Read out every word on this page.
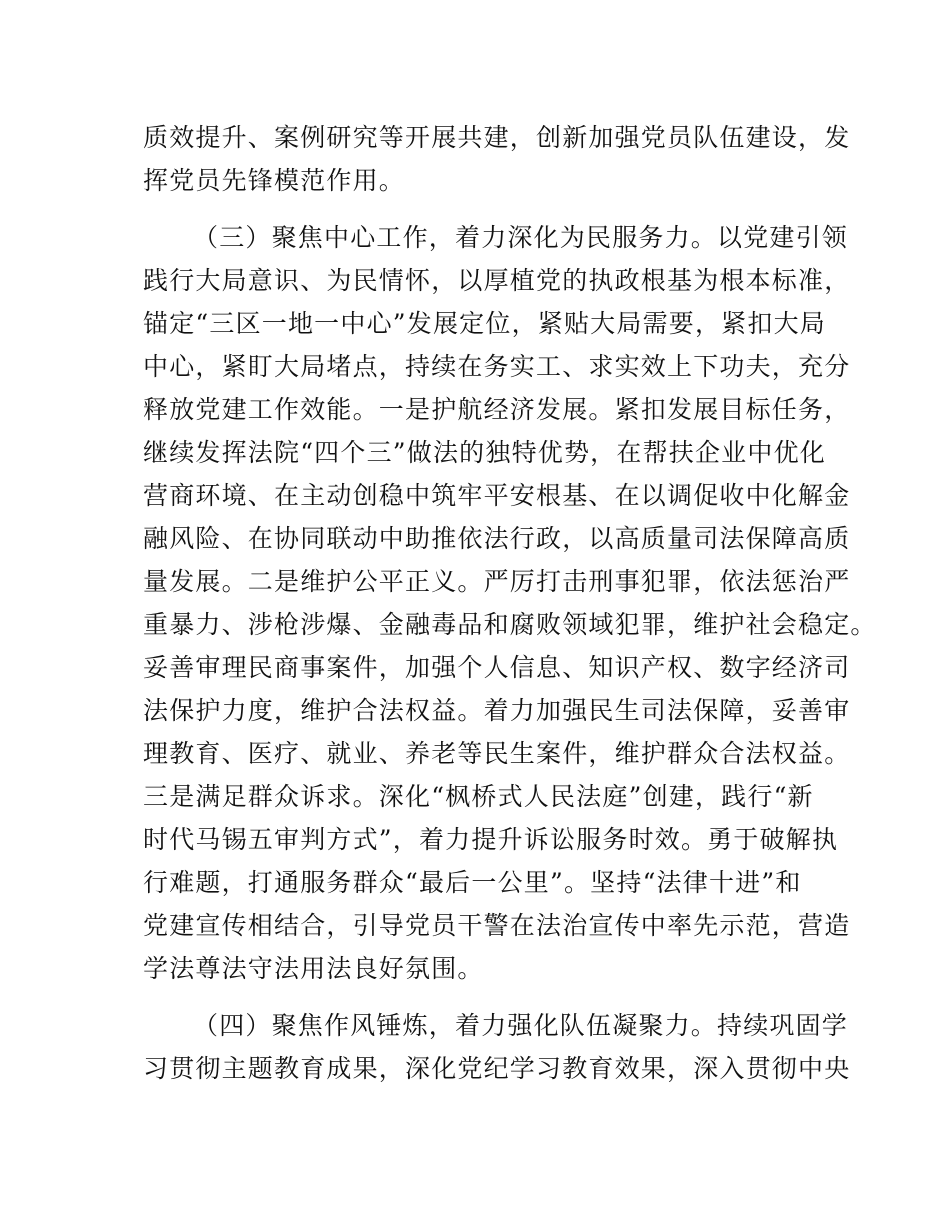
质效提升、案例研究等开展共建，创新加强党员队伍建设，发
挥党员先锋模范作用。
（三）聚焦中心工作，着力深化为民服务力。以党建引领
践行大局意识、为民情怀，以厚植党的执政根基为根本标准，
锚定“三区一地一中心”发展定位，紧贴大局需要，紧扣大局
中心，紧盯大局堵点，持续在务实工、求实效上下功夫，充分
释放党建工作效能。一是护航经济发展。紧扣发展目标任务，
继续发挥法院“四个三”做法的独特优势，在帮扶企业中优化
营商环境、在主动创稳中筑牢平安根基、在以调促收中化解金
融风险、在协同联动中助推依法行政，以高质量司法保障高质
量发展。二是维护公平正义。严厉打击刑事犯罪，依法惩治严
重暴力、涉枪涉爆、金融毒品和腐败领域犯罪，维护社会稳定。
妥善审理民商事案件，加强个人信息、知识产权、数字经济司
法保护力度，维护合法权益。着力加强民生司法保障，妥善审
理教育、医疗、就业、养老等民生案件，维护群众合法权益。
三是满足群众诉求。深化“枫桥式人民法庭”创建，践行“新
时代马锡五审判方式”，着力提升诉讼服务时效。勇于破解执
行难题，打通服务群众“最后一公里”。坚持“法律十进”和
党建宣传相结合，引导党员干警在法治宣传中率先示范，营造
学法尊法守法用法良好氛围。
（四）聚焦作风锤炼，着力强化队伍凝聚力。持续巩固学
习贯彻主题教育成果，深化党纪学习教育效果，深入贯彻中央
